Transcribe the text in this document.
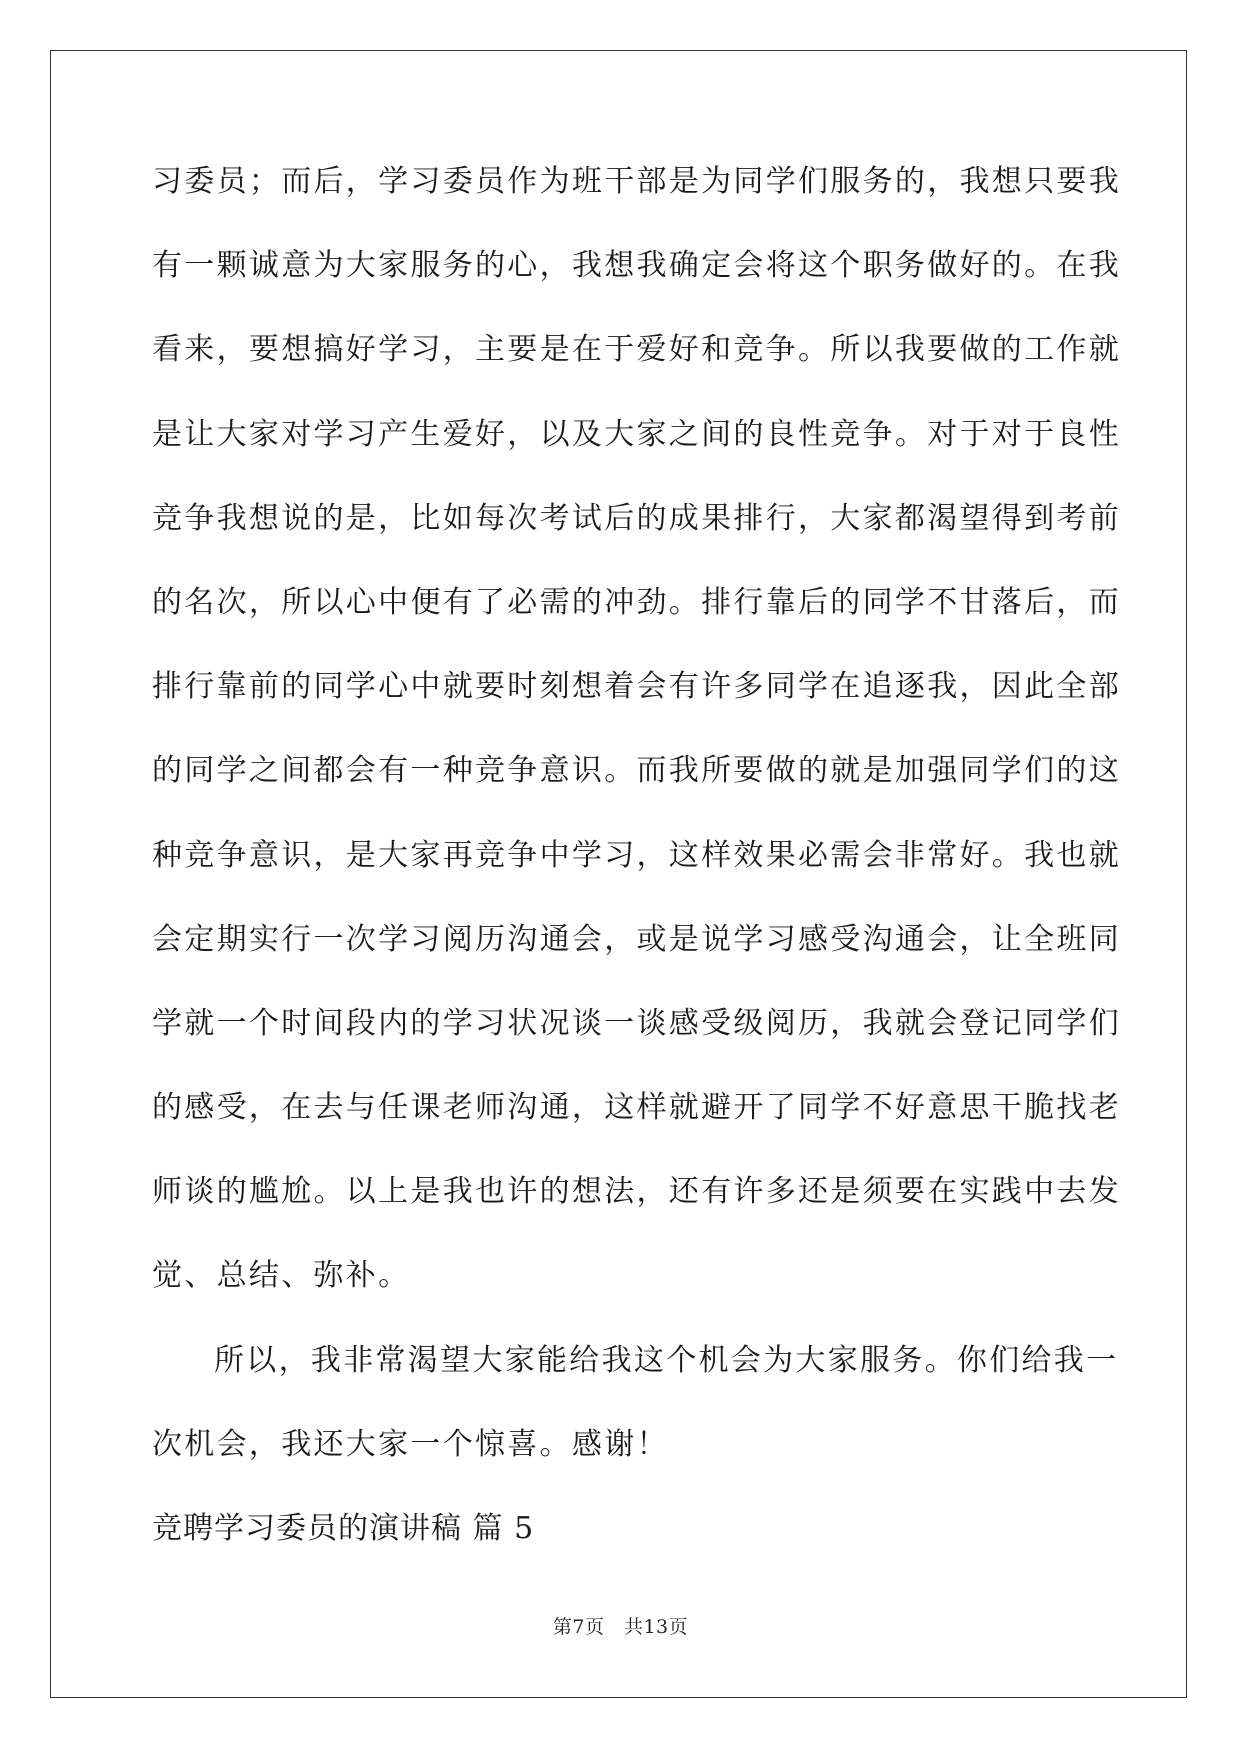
习委员；而后，学习委员作为班干部是为同学们服务的，我想只要我

有一颗诚意为大家服务的心，我想我确定会将这个职务做好的。在我

看来，要想搞好学习，主要是在于爱好和竞争。所以我要做的工作就

是让大家对学习产生爱好，以及大家之间的良性竞争。对于对于良性

竞争我想说的是，比如每次考试后的成果排行，大家都渴望得到考前

的名次，所以心中便有了必需的冲劲。排行靠后的同学不甘落后，而

排行靠前的同学心中就要时刻想着会有许多同学在追逐我，因此全部

的同学之间都会有一种竞争意识。而我所要做的就是加强同学们的这

种竞争意识，是大家再竞争中学习，这样效果必需会非常好。我也就

会定期实行一次学习阅历沟通会，或是说学习感受沟通会，让全班同

学就一个时间段内的学习状况谈一谈感受级阅历，我就会登记同学们

的感受，在去与任课老师沟通，这样就避开了同学不好意思干脆找老

师谈的尴尬。以上是我也许的想法，还有许多还是须要在实践中去发

觉、总结、弥补。

所以，我非常渴望大家能给我这个机会为大家服务。你们给我一

次机会，我还大家一个惊喜。感谢！

竞聘学习委员的演讲稿 篇 5

第7页　共13页
